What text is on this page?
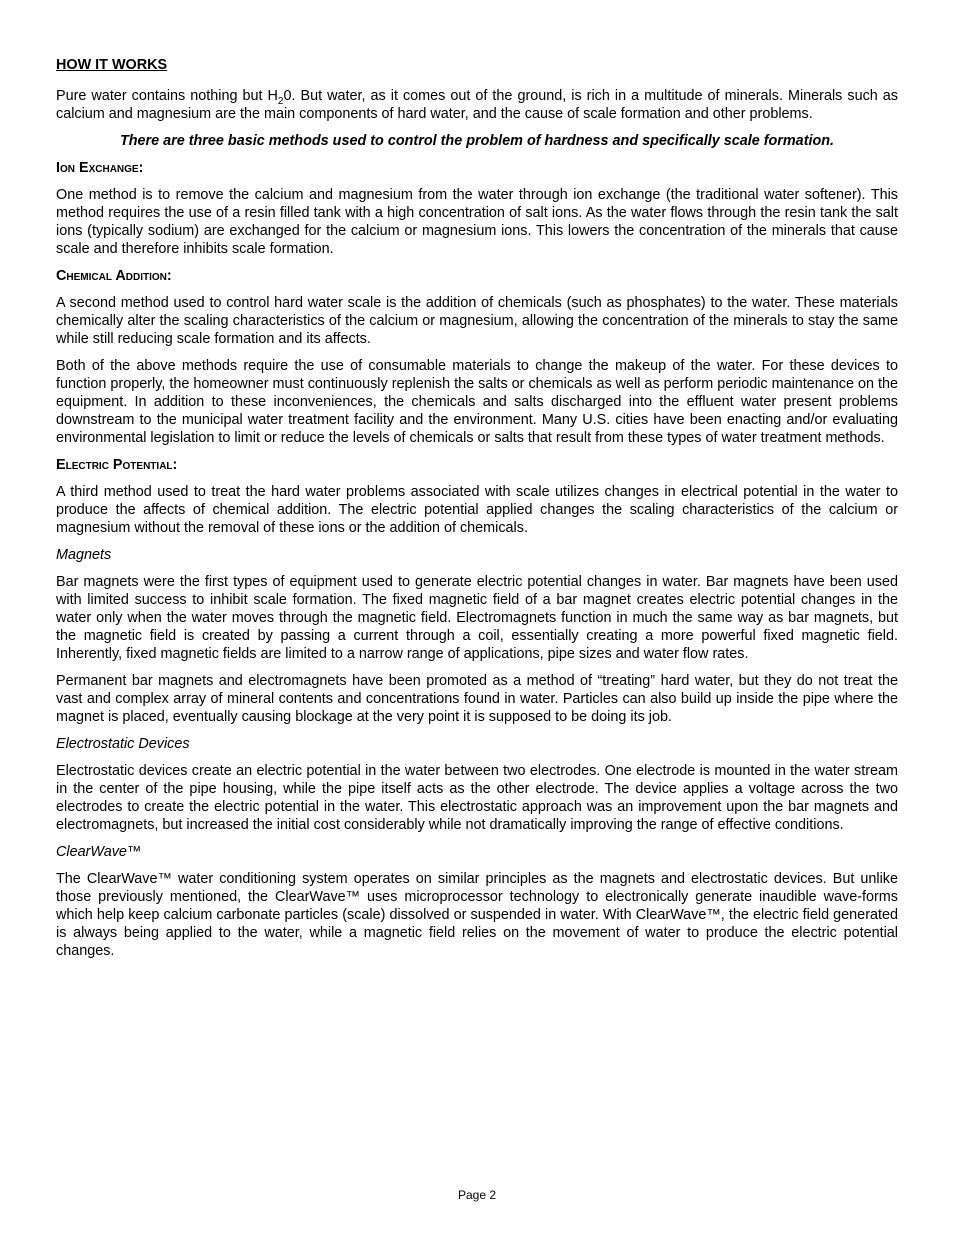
HOW IT WORKS

Pure water contains nothing but $H_20$. But water, as it comes out of the ground, is rich in a multitude of minerals. Minerals such as calcium and magnesium are the main components of hard water, and the cause of scale formation and other problems.

There are three basic methods used to control the problem of hardness and specifically scale formation.
Ion Exchange:

One method is to remove the calcium and magnesium from the water through ion exchange (the traditional water softener). This method requires the use of a resin filled tank with a high concentration of salt ions. As the water flows through the resin tank the salt ions (typically sodium) are exchanged for the calcium or magnesium ions. This lowers the concentration of the minerals that cause scale and therefore inhibits scale formation.

Chemical Addition:

A second method used to control hard water scale is the addition of chemicals (such as phosphates) to the water. These materials chemically alter the scaling characteristics of the calcium or magnesium, allowing the concentration of the minerals to stay the same while still reducing scale formation and its affects.

Both of the above methods require the use of consumable materials to change the makeup of the water. For these devices to function properly, the homeowner must continuously replenish the salts or chemicals as well as perform periodic maintenance on the equipment. In addition to these inconveniences, the chemicals and salts discharged into the effluent water present problems downstream to the municipal water treatment facility and the environment. Many U.S. cities have been enacting and/or evaluating environmental legislation to limit or reduce the levels of chemicals or salts that result from these types of water treatment methods.

Electric Potential:

A third method used to treat the hard water problems associated with scale utilizes changes in electrical potential in the water to produce the affects of chemical addition. The electric potential applied changes the scaling characteristics of the calcium or magnesium without the removal of these ions or the addition of chemicals.

Magnets

Bar magnets were the first types of equipment used to generate electric potential changes in water. Bar magnets have been used with limited success to inhibit scale formation. The fixed magnetic field of a bar magnet creates electric potential changes in the water only when the water moves through the magnetic field. Electromagnets function in much the same way as bar magnets, but the magnetic field is created by passing a current through a coil, essentially creating a more powerful fixed magnetic field. Inherently, fixed magnetic fields are limited to a narrow range of applications, pipe sizes and water flow rates.

Permanent bar magnets and electromagnets have been promoted as a method of “treating” hard water, but they do not treat the vast and complex array of mineral contents and concentrations found in water. Particles can also build up inside the pipe where the magnet is placed, eventually causing blockage at the very point it is supposed to be doing its job.

Electrostatic Devices

Electrostatic devices create an electric potential in the water between two electrodes. One electrode is mounted in the water stream in the center of the pipe housing, while the pipe itself acts as the other electrode. The device applies a voltage across the two electrodes to create the electric potential in the water. This electrostatic approach was an improvement upon the bar magnets and electromagnets, but increased the initial cost considerably while not dramatically improving the range of effective conditions.

ClearWave™

The ClearWave™ water conditioning system operates on similar principles as the magnets and electrostatic devices. But unlike those previously mentioned, the ClearWave™ uses microprocessor technology to electronically generate inaudible wave-forms which help keep calcium carbonate particles (scale) dissolved or suspended in water. With ClearWave™, the electric field generated is always being applied to the water, while a magnetic field relies on the movement of water to produce the electric potential changes.

Page 2
